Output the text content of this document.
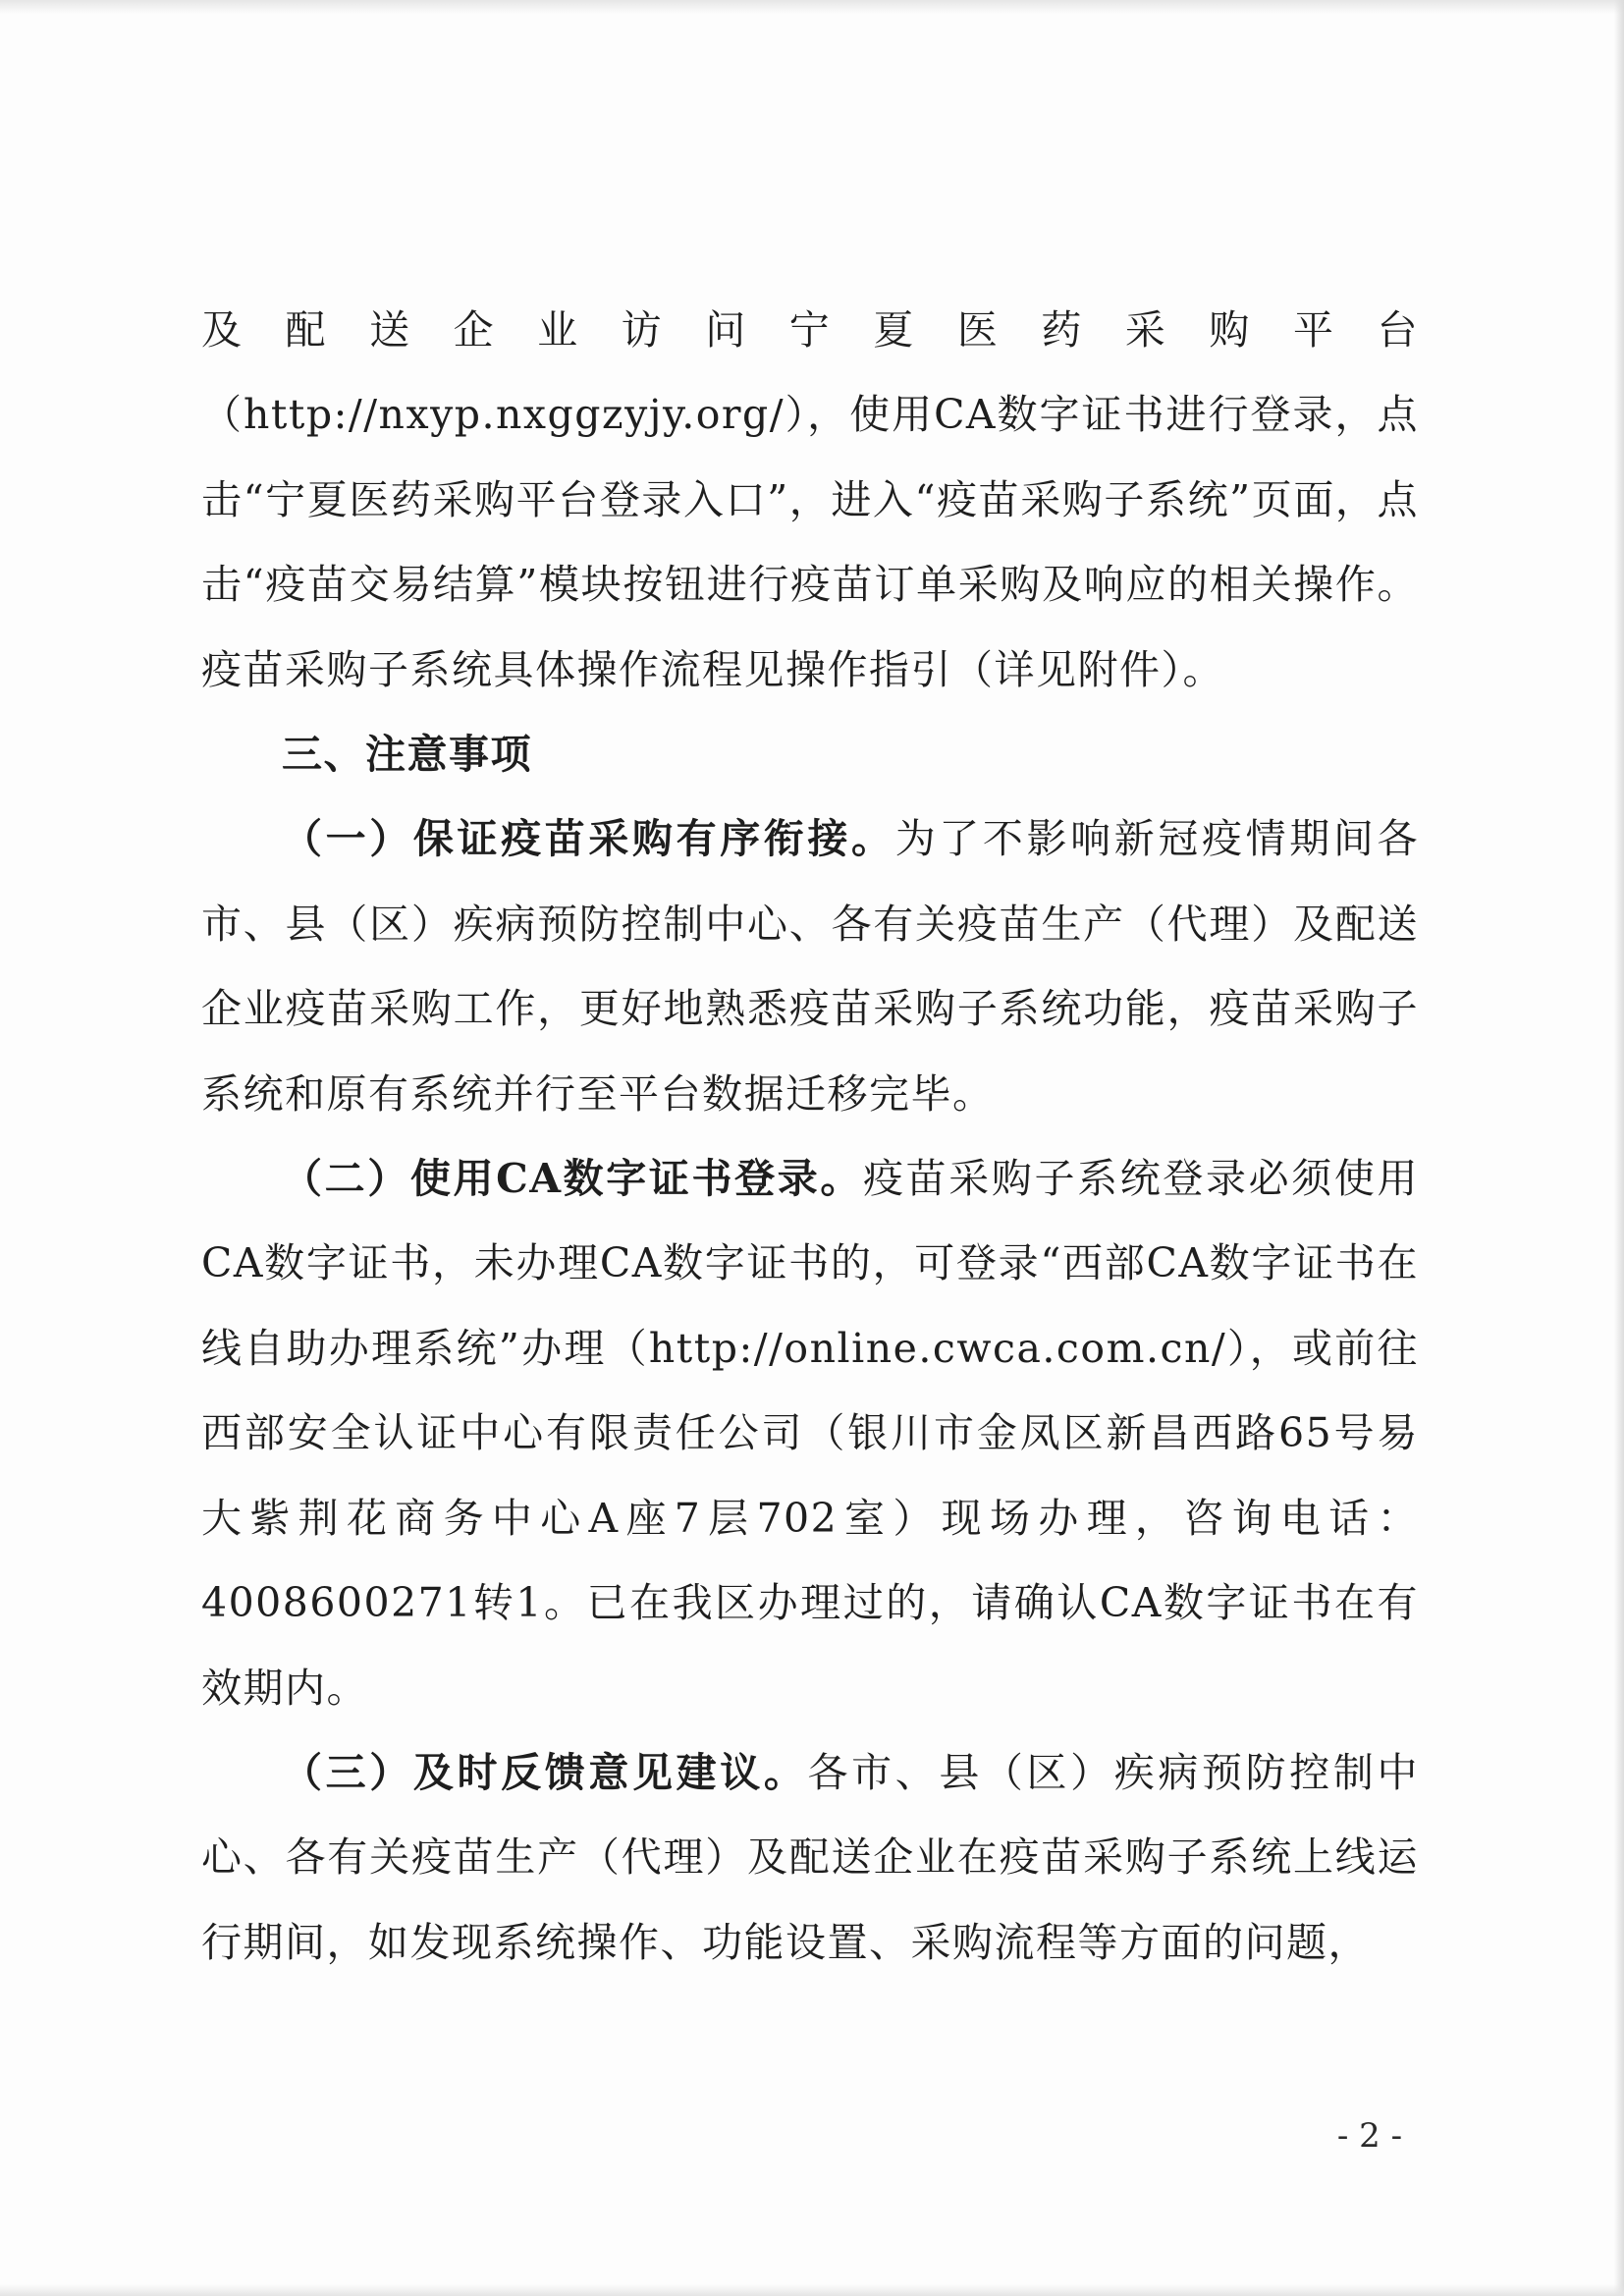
及配送企业访问宁夏医药采购平台（http://nxyp.nxggzyjy.org/），使用CA数字证书进行登录，点击“宁夏医药采购平台登录入口”，进入“疫苗采购子系统”页面，点击“疫苗交易结算”模块按钮进行疫苗订单采购及响应的相关操作。疫苗采购子系统具体操作流程见操作指引（详见附件）。

三、注意事项

（一）保证疫苗采购有序衔接。为了不影响新冠疫情期间各市、县（区）疾病预防控制中心、各有关疫苗生产（代理）及配送企业疫苗采购工作，更好地熟悉疫苗采购子系统功能，疫苗采购子系统和原有系统并行至平台数据迁移完毕。

（二）使用CA数字证书登录。疫苗采购子系统登录必须使用CA数字证书，未办理CA数字证书的，可登录“西部CA数字证书在线自助办理系统”办理（http://online.cwca.com.cn/），或前往西部安全认证中心有限责任公司（银川市金凤区新昌西路65号易大紫荆花商务中心A座7层702室）现场办理，咨询电话：4008600271转1。已在我区办理过的，请确认CA数字证书在有效期内。

（三）及时反馈意见建议。各市、县（区）疾病预防控制中心、各有关疫苗生产（代理）及配送企业在疫苗采购子系统上线运行期间，如发现系统操作、功能设置、采购流程等方面的问题，

- 2 -
